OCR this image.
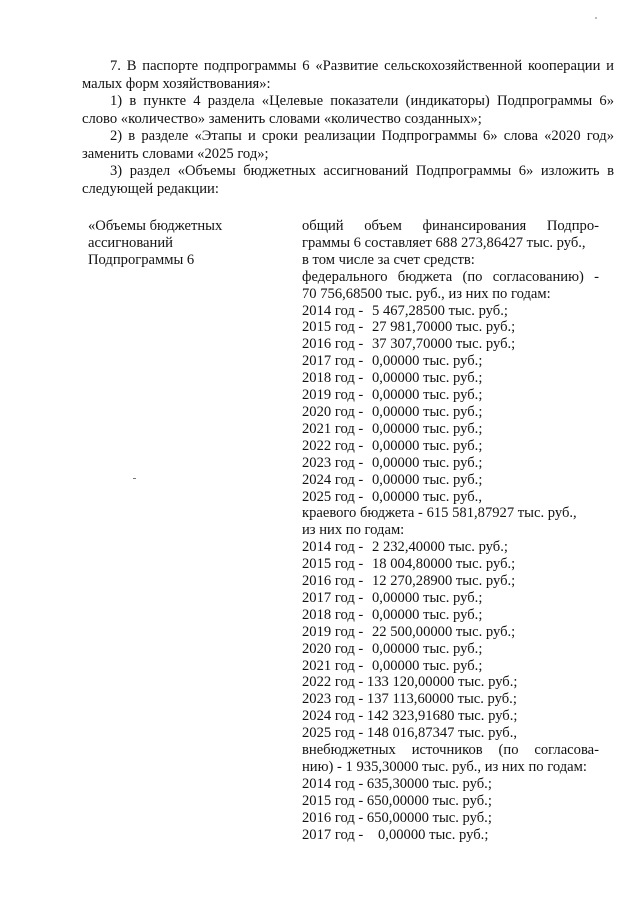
7. В паспорте подпрограммы 6 «Развитие сельскохозяйственной кооперации и малых форм хозяйствования»:

1) в пункте 4 раздела «Целевые показатели (индикаторы) Подпрограммы 6» слово «количество» заменить словами «количество созданных»;

2) в разделе «Этапы и сроки реализации Подпрограммы 6» слова «2020 год» заменить словами «2025 год»;

3) раздел «Объемы бюджетных ассигнований Подпрограммы 6» изложить в следующей редакции:

«Объемы бюджетных
ассигнований
Подпрограммы 6
общий объем финансирования Подпро-
граммы 6 составляет 688 273,86427 тыс. руб.,
в том числе за счет средств:
федерального бюджета (по согласованию) -
70 756,68500 тыс. руб., из них по годам:
2014 год - 5 467,28500 тыс. руб.;
2015 год - 27 981,70000 тыс. руб.;
2016 год - 37 307,70000 тыс. руб.;
2017 год - 0,00000 тыс. руб.;
2018 год - 0,00000 тыс. руб.;
2019 год - 0,00000 тыс. руб.;
2020 год - 0,00000 тыс. руб.;
2021 год - 0,00000 тыс. руб.;
2022 год - 0,00000 тыс. руб.;
2023 год - 0,00000 тыс. руб.;
2024 год - 0,00000 тыс. руб.;
2025 год - 0,00000 тыс. руб.,
краевого бюджета - 615 581,87927 тыс. руб.,
из них по годам:
2014 год - 2 232,40000 тыс. руб.;
2015 год - 18 004,80000 тыс. руб.;
2016 год - 12 270,28900 тыс. руб.;
2017 год - 0,00000 тыс. руб.;
2018 год - 0,00000 тыс. руб.;
2019 год - 22 500,00000 тыс. руб.;
2020 год - 0,00000 тыс. руб.;
2021 год - 0,00000 тыс. руб.;
2022 год - 133 120,00000 тыс. руб.;
2023 год - 137 113,60000 тыс. руб.;
2024 год - 142 323,91680 тыс. руб.;
2025 год - 148 016,87347 тыс. руб.,
внебюджетных источников (по согласова-
нию) - 1 935,30000 тыс. руб., из них по годам:
2014 год - 635,30000 тыс. руб.;
2015 год - 650,00000 тыс. руб.;
2016 год - 650,00000 тыс. руб.;
2017 год - 0,00000 тыс. руб.;
